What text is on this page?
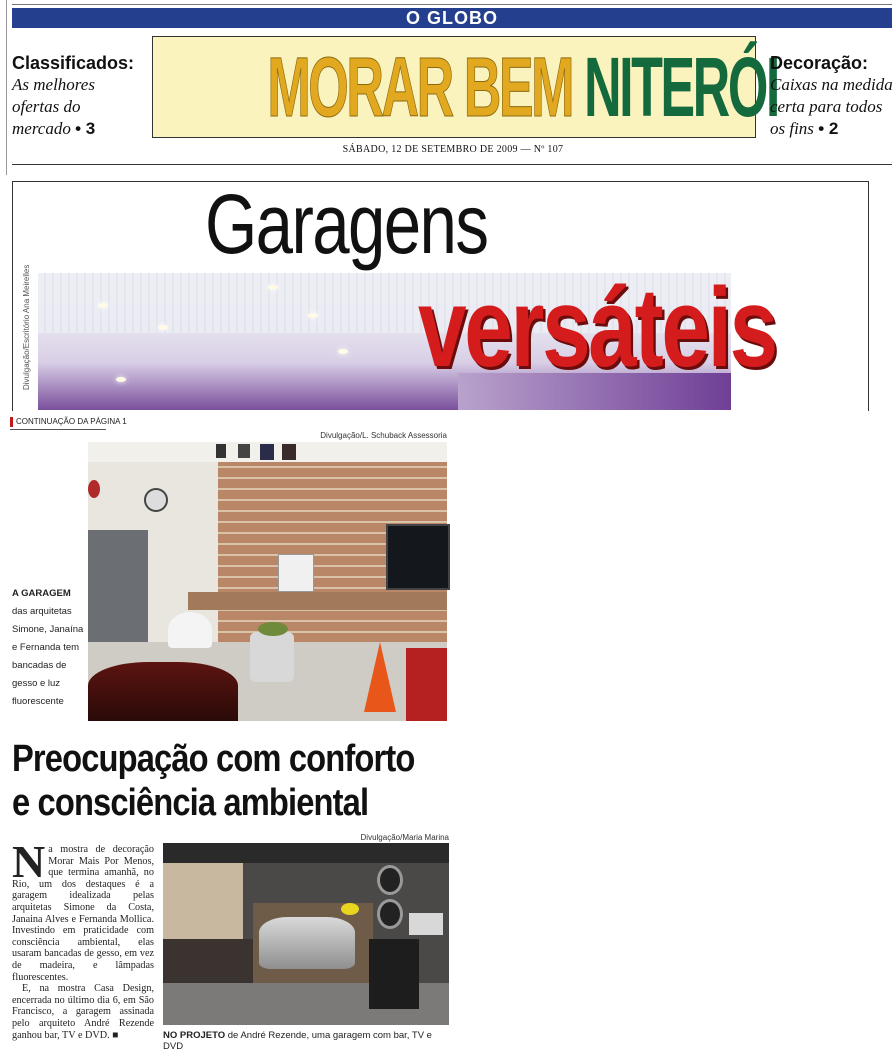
O GLOBO
Classificados:
As melhores
ofertas do
mercado • 3	MORAR BEM NITERÓI
Decoração:
Caixas na medida
certa para todos
os fins • 2
SÁBADO, 12 DE SETEMBRO DE 2009 — Nº 107
Divulgação/Escritório Ana Meirelles
Garagens
versáteis
CONTINUAÇÃO DA PÁGINA 1
Divulgação/L. Schuback Assessoria
A GARAGEM das arquitetas Simone, Janaína e Fernanda tem bancadas de gesso e luz fluorescente
Preocupação com conforto
e consciência ambiental
Na mostra de decoração Morar Mais Por Menos, que termina amanhã, no Rio, um dos destaques é a garagem idealizada pelas arquitetas Simone da Costa, Janaina Alves e Fernanda Mollica. Investindo em praticidade com consciência ambiental, elas usaram bancadas de gesso, em vez de madeira, e lâmpadas fluorescentes.
E, na mostra Casa Design, encerrada no último dia 6, em São Francisco, a garagem assinada pelo arquiteto André Rezende ganhou bar, TV e DVD. ■
Divulgação/Maria Marina
NO PROJETO de André Rezende, uma garagem com bar, TV e DVD
